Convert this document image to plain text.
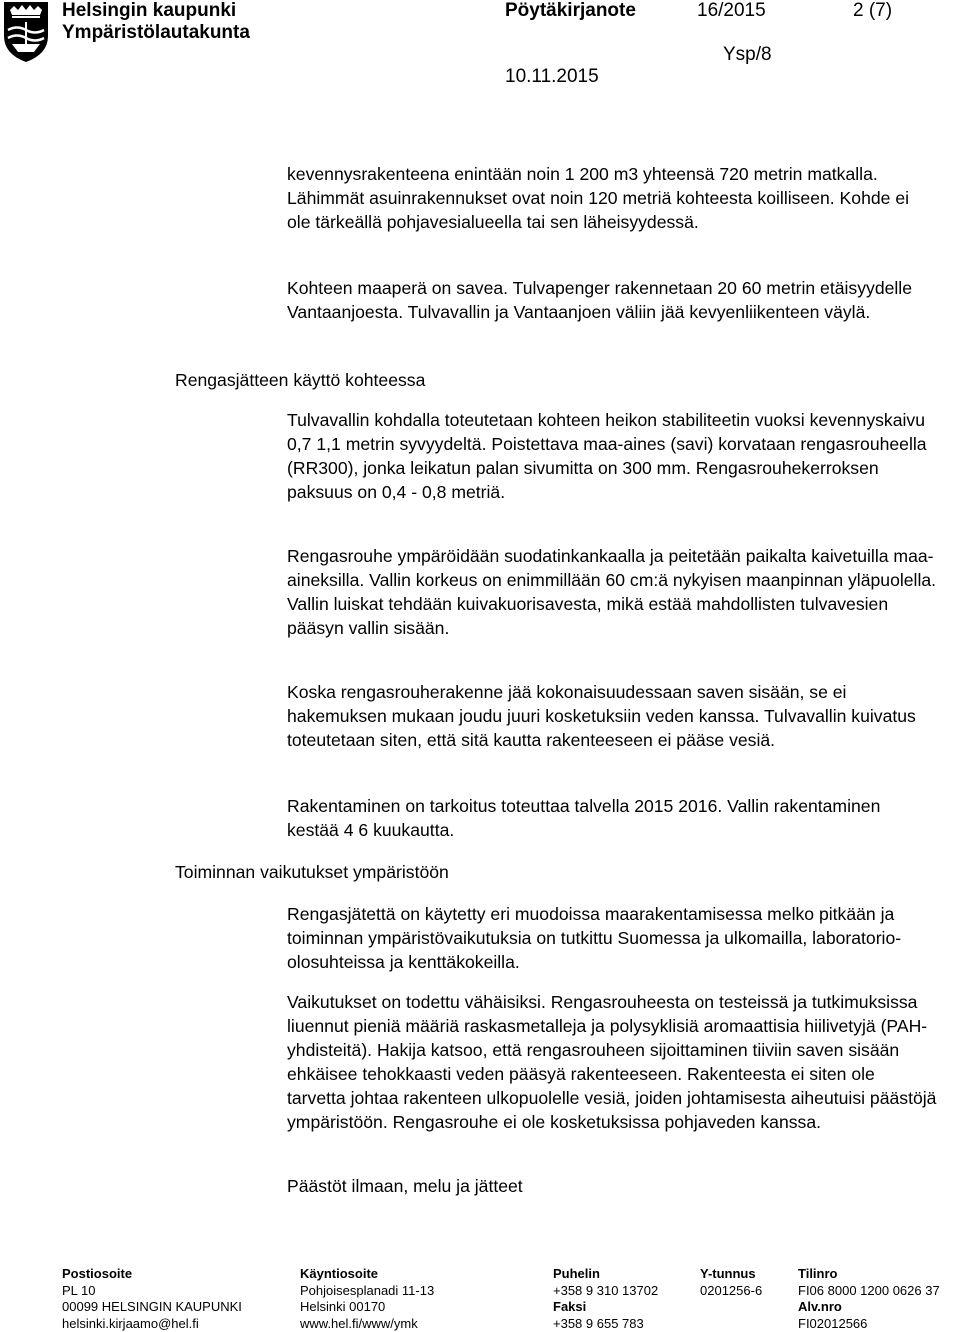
Helsingin kaupunki
Ympäristölautakunta
Pöytäkirjanote	16/2015	2 (7)
Ysp/8
10.11.2015

kevennysrakenteena enintään noin 1 200 m3 yhteensä 720 metrin matkalla. Lähimmät asuinrakennukset ovat noin 120 metriä kohteesta koilliseen. Kohde ei ole tärkeällä pohjavesialueella tai sen läheisyydessä.

Kohteen maaperä on savea. Tulvapenger rakennetaan 20 60 metrin etäisyydelle Vantaanjoesta. Tulvavallin ja Vantaanjoen väliin jää kevyenliikenteen väylä.

Rengasjätteen käyttö kohteessa

Tulvavallin kohdalla toteutetaan kohteen heikon stabiliteetin vuoksi kevennyskaivu 0,7 1,1 metrin syvyydeltä. Poistettava maa-aines (savi) korvataan rengasrouheella (RR300), jonka leikatun palan sivumitta on 300 mm. Rengasrouhekerroksen paksuus on 0,4 - 0,8 metriä.

Rengasrouhe ympäröidään suodatinkankaalla ja peitetään paikalta kaivetuilla maa-aineksilla. Vallin korkeus on enimmillään 60 cm:ä nykyisen maanpinnan yläpuolella. Vallin luiskat tehdään kuivakuorisavesta, mikä estää mahdollisten tulvavesien pääsyn vallin sisään.

Koska rengasrouherakenne jää kokonaisuudessaan saven sisään, se ei hakemuksen mukaan joudu juuri kosketuksiin veden kanssa. Tulvavallin kuivatus toteutetaan siten, että sitä kautta rakenteeseen ei pääse vesiä.

Rakentaminen on tarkoitus toteuttaa talvella 2015 2016. Vallin rakentaminen kestää 4 6 kuukautta.

Toiminnan vaikutukset ympäristöön

Rengasjätettä on käytetty eri muodoissa maarakentamisessa melko pitkään ja toiminnan ympäristövaikutuksia on tutkittu Suomessa ja ulkomailla, laboratorio-olosuhteissa ja kenttäkokeilla.

Vaikutukset on todettu vähäisiksi. Rengasrouheesta on testeissä ja tutkimuksissa liuennut pieniä määriä raskasmetalleja ja polysyklisiä aromaattisia hiilivetyjä (PAH-yhdisteitä). Hakija katsoo, että rengasrouheen sijoittaminen tiiviin saven sisään ehkäisee tehokkaasti veden pääsyä rakenteeseen. Rakenteesta ei siten ole tarvetta johtaa rakenteen ulkopuolelle vesiä, joiden johtamisesta aiheutuisi päästöjä ympäristöön. Rengasrouhe ei ole kosketuksissa pohjaveden kanssa.

Päästöt ilmaan, melu ja jätteet

Postiosoite
PL 10
00099 HELSINGIN KAUPUNKI
helsinki.kirjaamo@hel.fi
Käyntiosoite
Pohjoisesplanadi 11-13
Helsinki 00170
www.hel.fi/www/ymk
Puhelin
+358 9 310 13702
Faksi
+358 9 655 783
Y-tunnus
0201256-6
Tilinro
FI06 8000 1200 0626 37
Alv.nro
FI02012566
